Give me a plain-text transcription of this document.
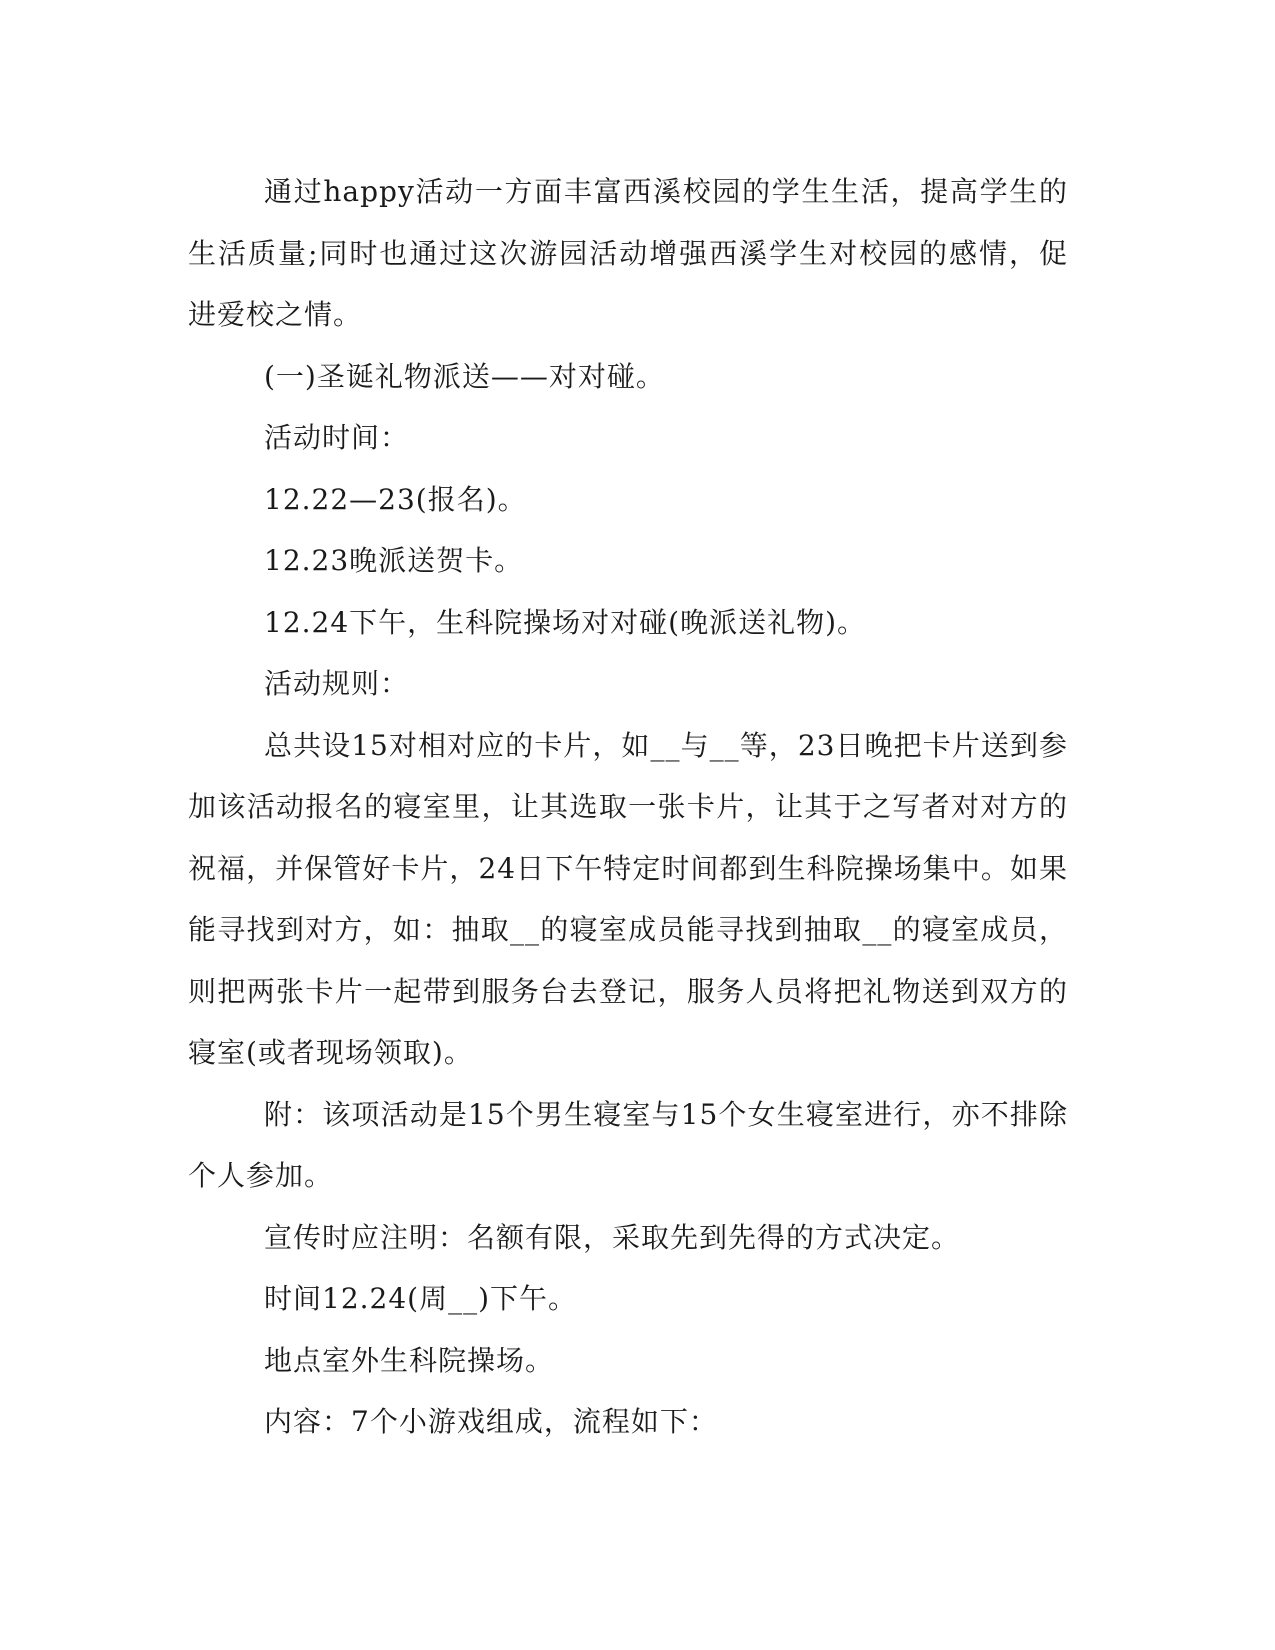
通过happy活动一方面丰富西溪校园的学生生活，提高学生的生活质量;同时也通过这次游园活动增强西溪学生对校园的感情，促进爱校之情。

(一)圣诞礼物派送——对对碰。

活动时间：

12.22—23(报名)。

12.23晚派送贺卡。

12.24下午，生科院操场对对碰(晚派送礼物)。

活动规则：

总共设15对相对应的卡片，如__与__等，23日晚把卡片送到参加该活动报名的寝室里，让其选取一张卡片，让其于之写者对对方的祝福，并保管好卡片，24日下午特定时间都到生科院操场集中。如果能寻找到对方，如：抽取__的寝室成员能寻找到抽取__的寝室成员，则把两张卡片一起带到服务台去登记，服务人员将把礼物送到双方的寝室(或者现场领取)。

附：该项活动是15个男生寝室与15个女生寝室进行，亦不排除个人参加。

宣传时应注明：名额有限，采取先到先得的方式决定。

时间12.24(周__)下午。

地点室外生科院操场。

内容：7个小游戏组成，流程如下：
